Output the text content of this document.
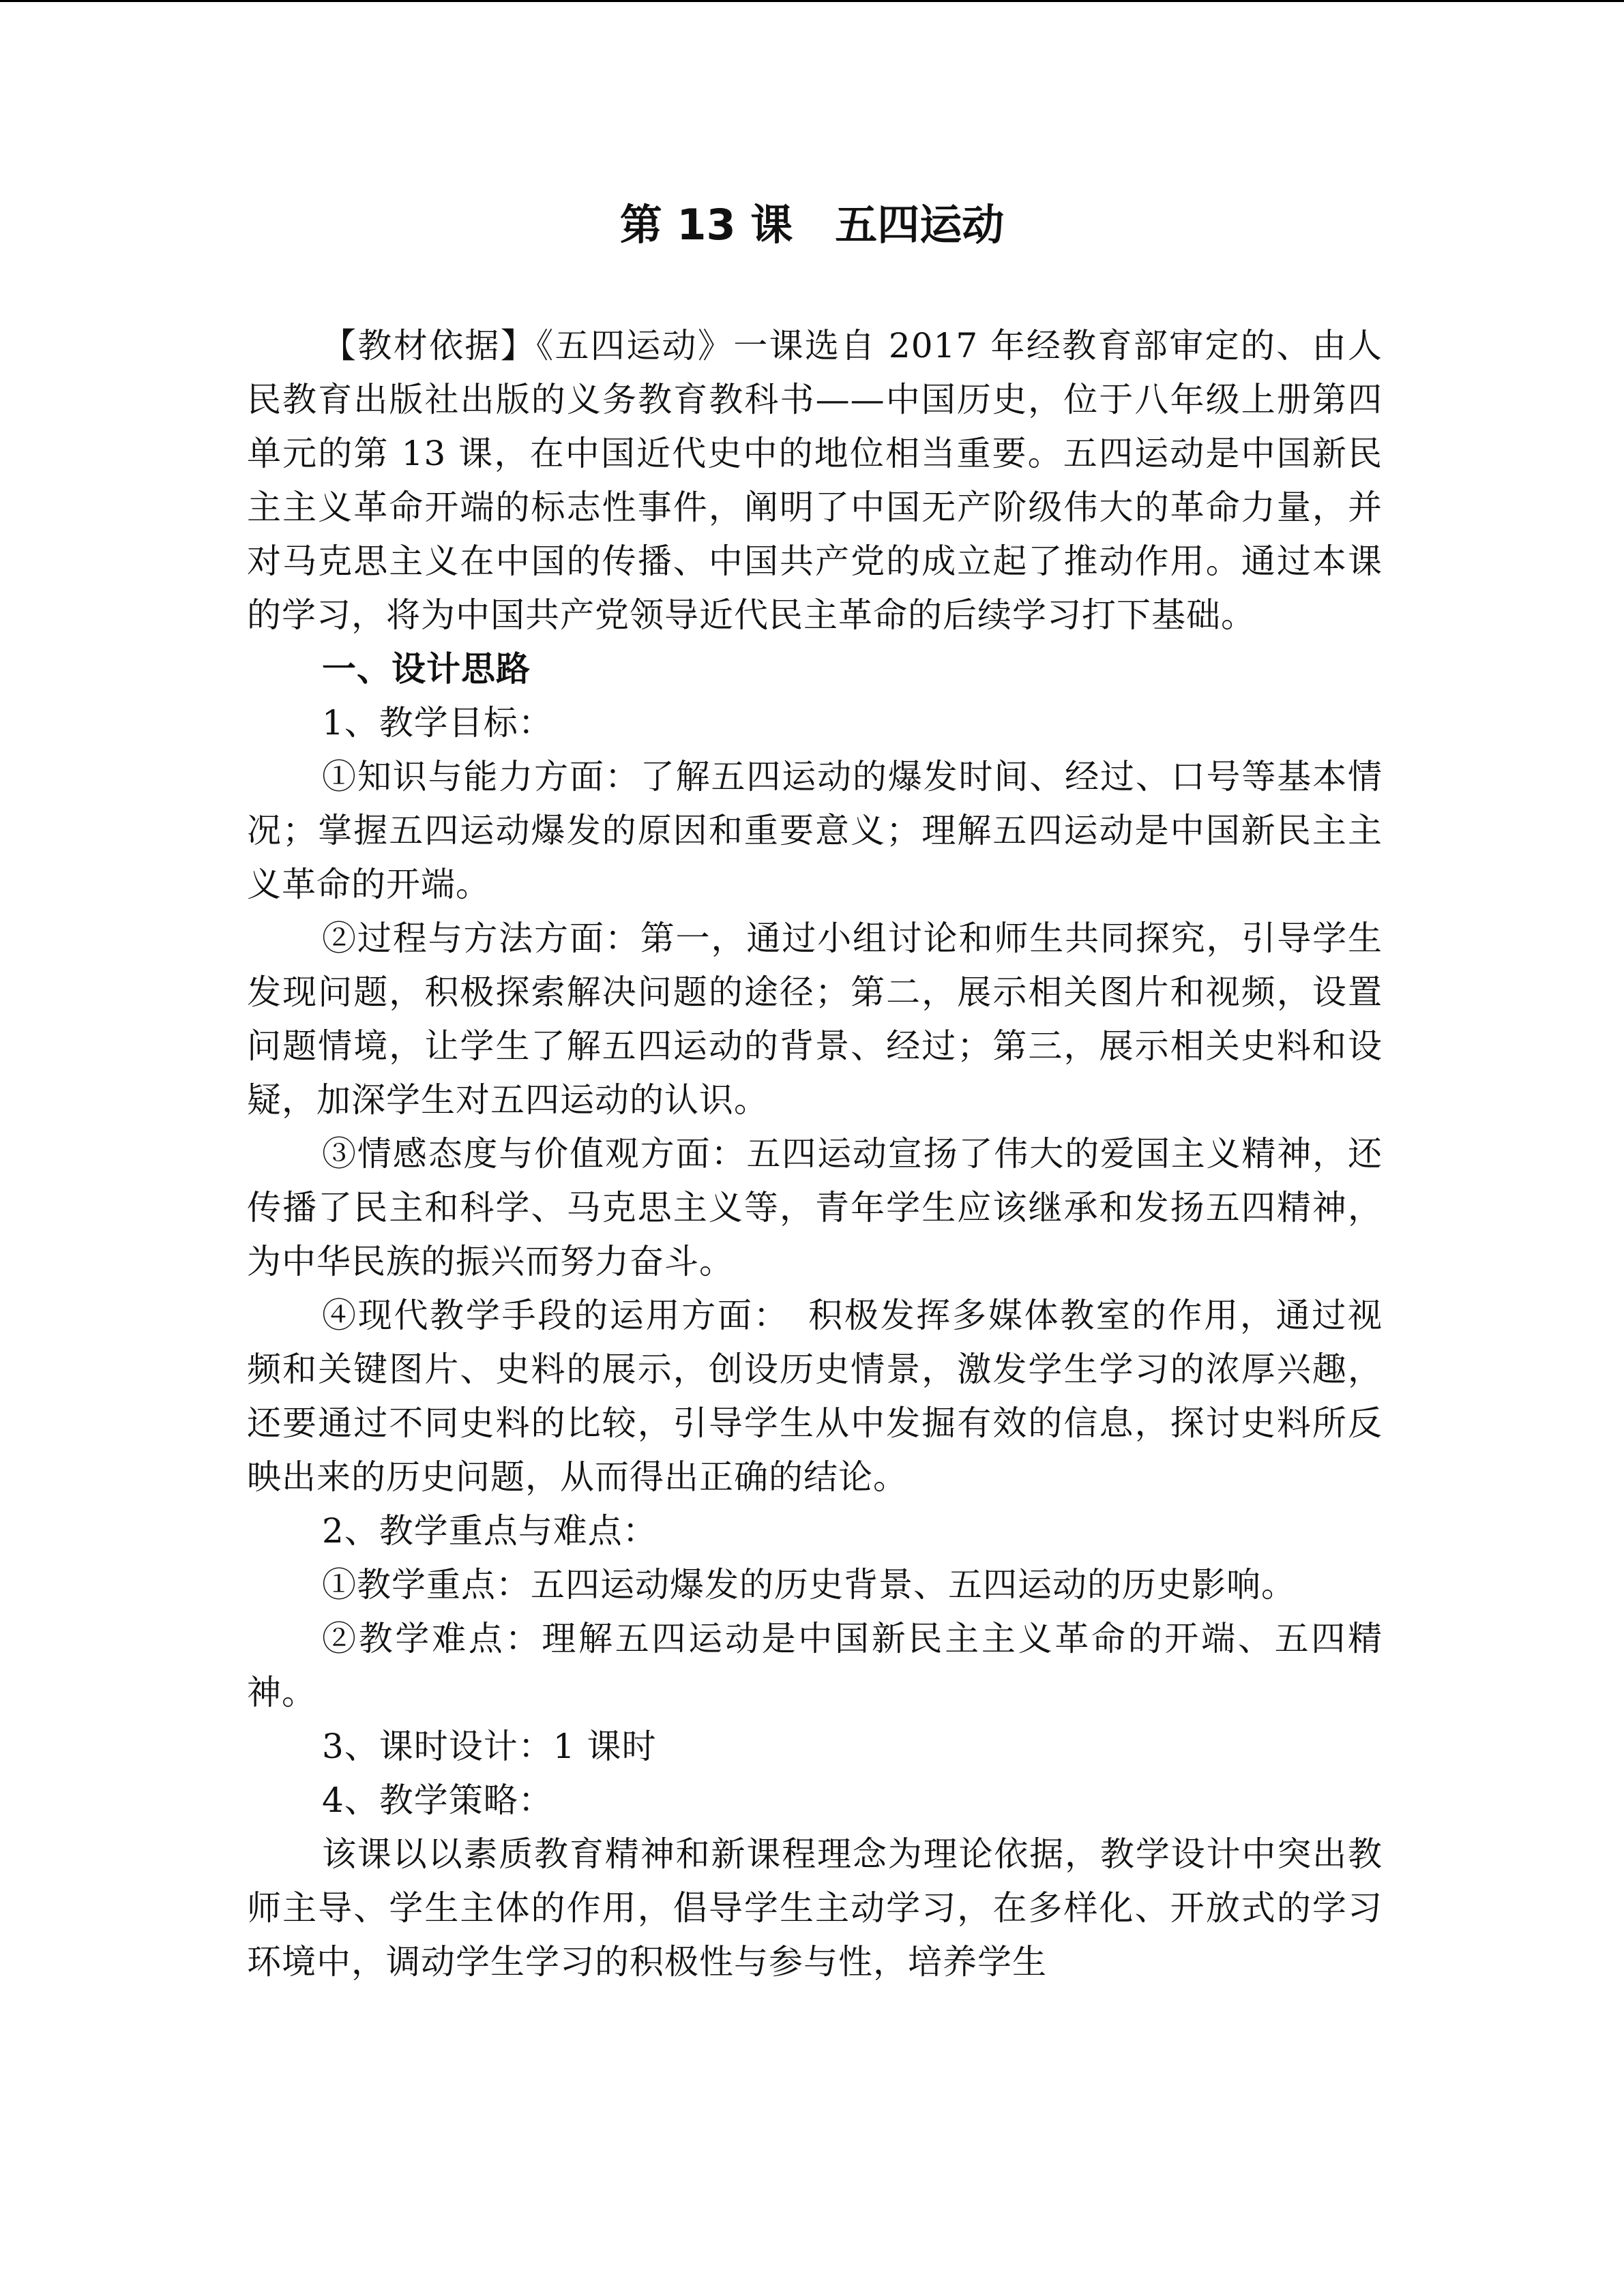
第 13 课　五四运动

【教材依据】《五四运动》一课选自 2017 年经教育部审定的、由人民教育出版社出版的义务教育教科书——中国历史，位于八年级上册第四单元的第 13 课，在中国近代史中的地位相当重要。五四运动是中国新民主主义革命开端的标志性事件，阐明了中国无产阶级伟大的革命力量，并对马克思主义在中国的传播、中国共产党的成立起了推动作用。通过本课的学习，将为中国共产党领导近代民主革命的后续学习打下基础。

一、设计思路

1、教学目标：

①知识与能力方面：了解五四运动的爆发时间、经过、口号等基本情况；掌握五四运动爆发的原因和重要意义；理解五四运动是中国新民主主义革命的开端。

②过程与方法方面：第一，通过小组讨论和师生共同探究，引导学生发现问题，积极探索解决问题的途径；第二，展示相关图片和视频，设置问题情境，让学生了解五四运动的背景、经过；第三，展示相关史料和设疑，加深学生对五四运动的认识。

③情感态度与价值观方面：五四运动宣扬了伟大的爱国主义精神，还传播了民主和科学、马克思主义等，青年学生应该继承和发扬五四精神，为中华民族的振兴而努力奋斗。

④现代教学手段的运用方面：　积极发挥多媒体教室的作用，通过视频和关键图片、史料的展示，创设历史情景，激发学生学习的浓厚兴趣，还要通过不同史料的比较，引导学生从中发掘有效的信息，探讨史料所反映出来的历史问题，从而得出正确的结论。

2、教学重点与难点：

①教学重点：五四运动爆发的历史背景、五四运动的历史影响。

②教学难点：理解五四运动是中国新民主主义革命的开端、五四精神。

3、课时设计：1 课时

4、教学策略：

该课以以素质教育精神和新课程理念为理论依据，教学设计中突出教师主导、学生主体的作用，倡导学生主动学习，在多样化、开放式的学习环境中，调动学生学习的积极性与参与性，培养学生
